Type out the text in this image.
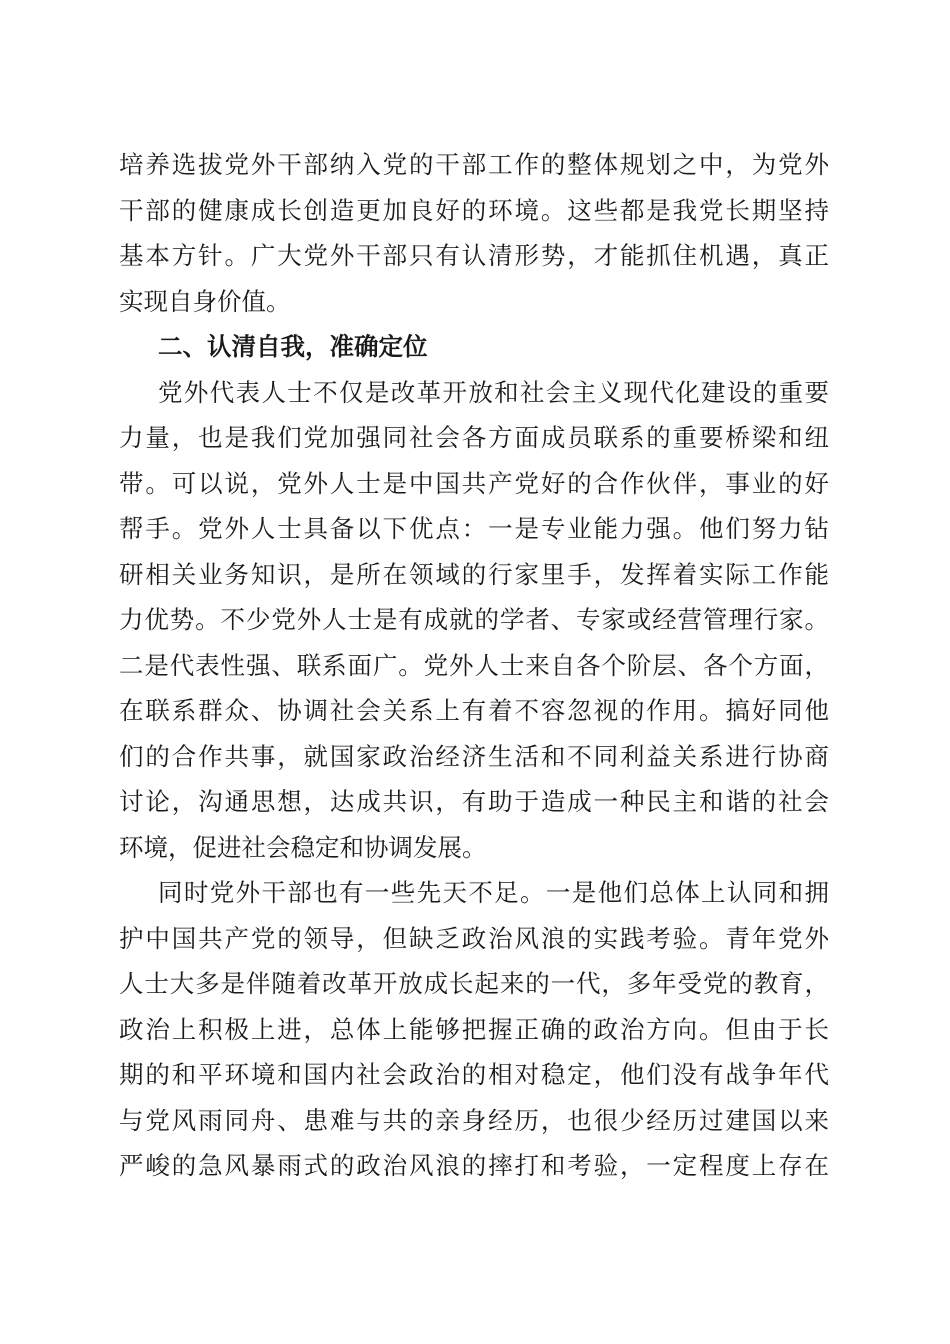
培养选拔党外干部纳入党的干部工作的整体规划之中，为党外
干部的健康成长创造更加良好的环境。这些都是我党长期坚持
基本方针。广大党外干部只有认清形势，才能抓住机遇，真正
实现自身价值。
二、认清自我，准确定位
党外代表人士不仅是改革开放和社会主义现代化建设的重要
力量，也是我们党加强同社会各方面成员联系的重要桥梁和纽
带。可以说，党外人士是中国共产党好的合作伙伴，事业的好
帮手。党外人士具备以下优点：一是专业能力强。他们努力钻
研相关业务知识，是所在领域的行家里手，发挥着实际工作能
力优势。不少党外人士是有成就的学者、专家或经营管理行家。
二是代表性强、联系面广。党外人士来自各个阶层、各个方面，
在联系群众、协调社会关系上有着不容忽视的作用。搞好同他
们的合作共事，就国家政治经济生活和不同利益关系进行协商
讨论，沟通思想，达成共识，有助于造成一种民主和谐的社会
环境，促进社会稳定和协调发展。
同时党外干部也有一些先天不足。一是他们总体上认同和拥
护中国共产党的领导，但缺乏政治风浪的实践考验。青年党外
人士大多是伴随着改革开放成长起来的一代，多年受党的教育，
政治上积极上进，总体上能够把握正确的政治方向。但由于长
期的和平环境和国内社会政治的相对稳定，他们没有战争年代
与党风雨同舟、患难与共的亲身经历，也很少经历过建国以来
严峻的急风暴雨式的政治风浪的摔打和考验，一定程度上存在
